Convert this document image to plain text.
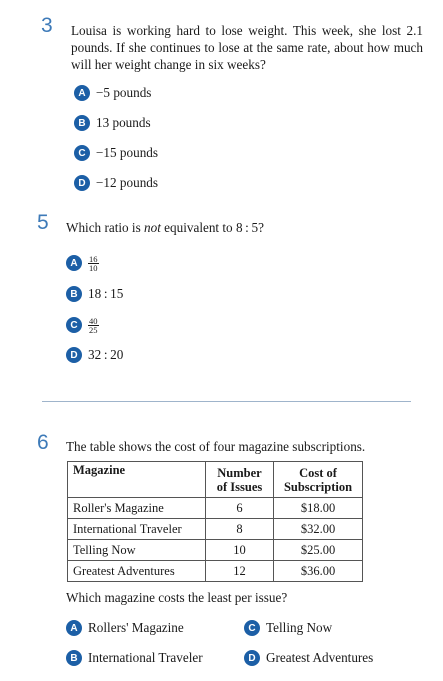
3 Louisa is working hard to lose weight. This week, she lost 2.1 pounds. If she continues to lose at the same rate, about how much will her weight change in six weeks?
A −5 pounds
B 13 pounds
C −15 pounds
D −12 pounds
5 Which ratio is not equivalent to 8 : 5?
A	$\frac{16}{10}$
B 18 : 15
C	$\frac{40}{25}$
D 32 : 20
6 The table shows the cost of four magazine subscriptions.
Magazine	Number of Issues	Cost of Subscription
Roller's Magazine	6	$18.00
International Traveler	8	$32.00
Telling Now	10	$25.00
Greatest Adventures	12	$36.00
Which magazine costs the least per issue?
A Rollers' Magazine
B International Traveler
C Telling Now
D Greatest Adventures
